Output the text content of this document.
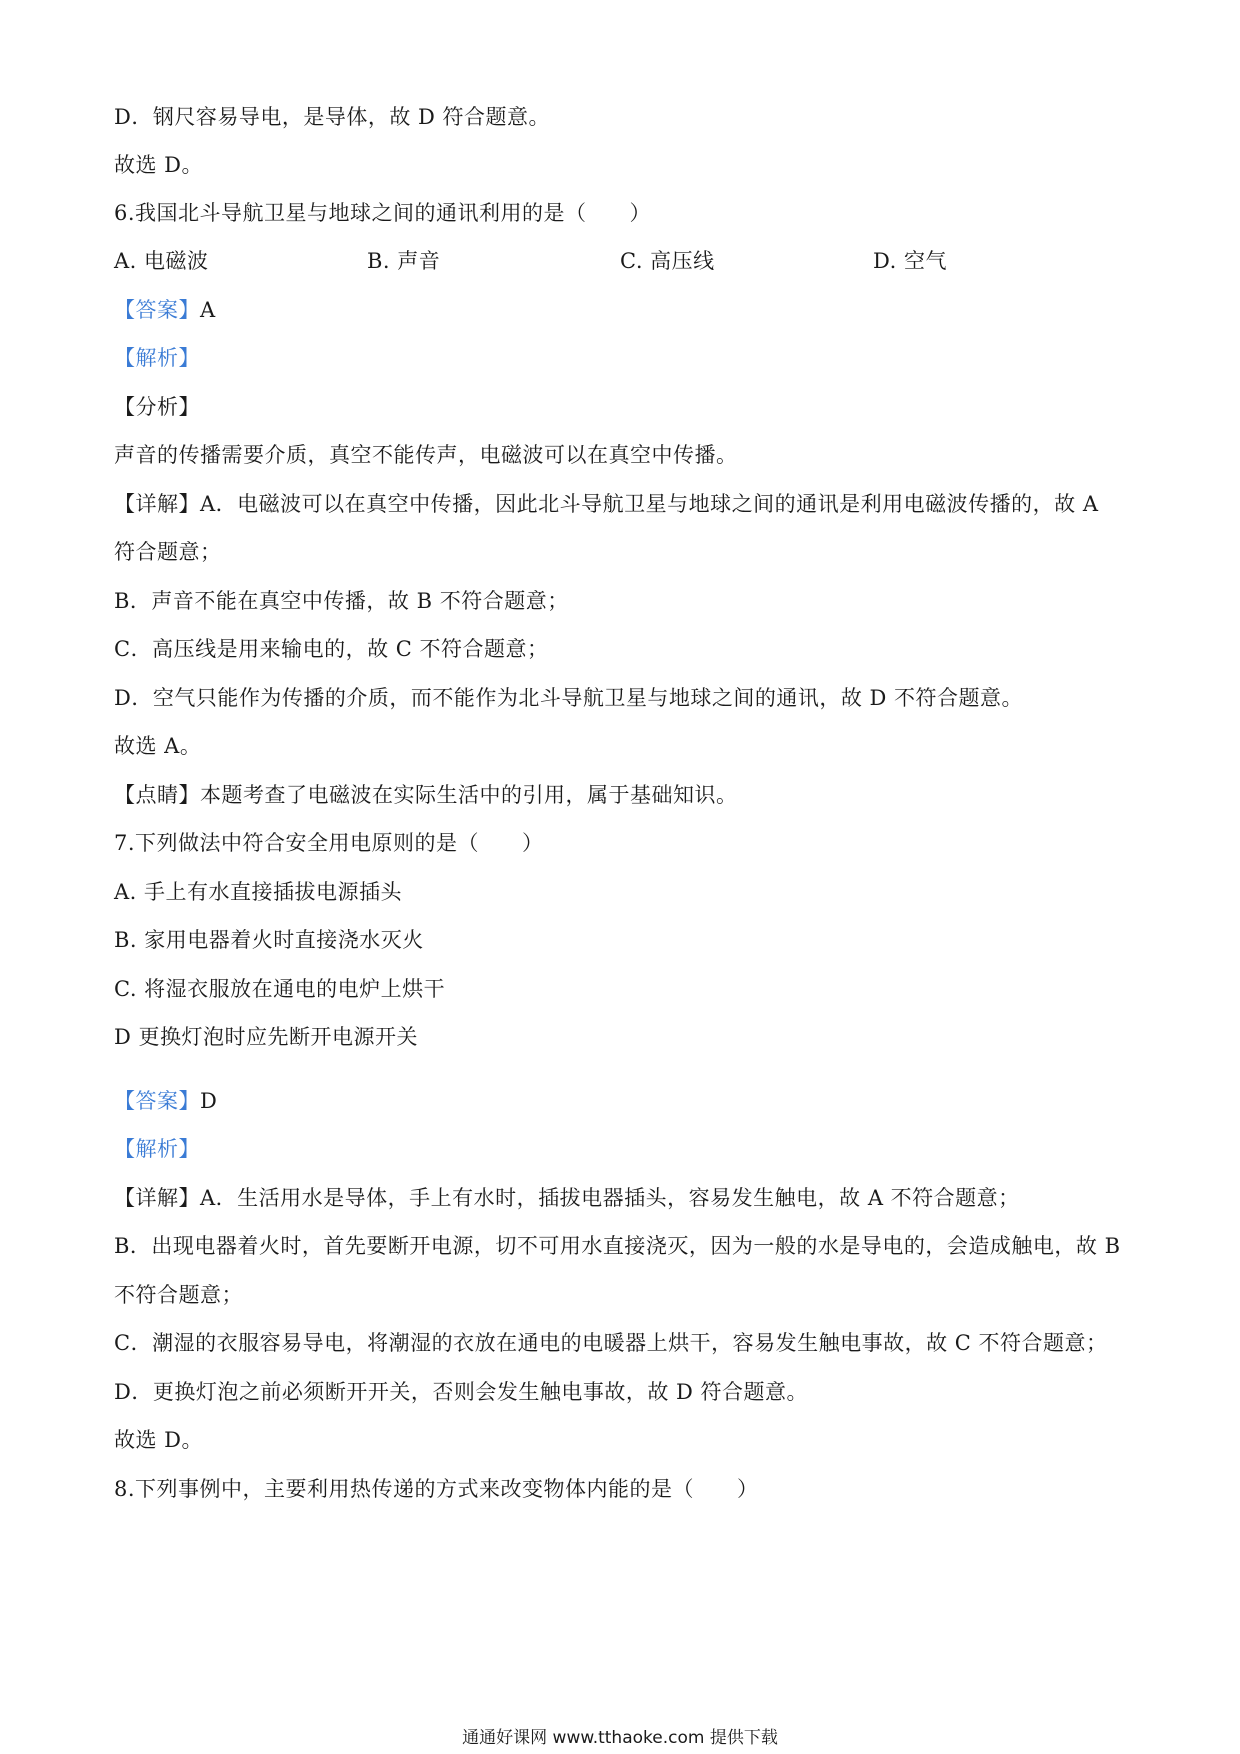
D．钢尺容易导电，是导体，故 D 符合题意。
故选 D。
6.我国北斗导航卫星与地球之间的通讯利用的是（　　）
A. 电磁波	B. 声音	C. 高压线	D. 空气
【答案】A
【解析】
【分析】
声音的传播需要介质，真空不能传声，电磁波可以在真空中传播。
【详解】A．电磁波可以在真空中传播，因此北斗导航卫星与地球之间的通讯是利用电磁波传播的，故 A
符合题意；
B．声音不能在真空中传播，故 B 不符合题意；
C．高压线是用来输电的，故 C 不符合题意；
D．空气只能作为传播的介质，而不能作为北斗导航卫星与地球之间的通讯，故 D 不符合题意。
故选 A。
【点睛】本题考查了电磁波在实际生活中的引用，属于基础知识。
7.下列做法中符合安全用电原则的是（　　）
A. 手上有水直接插拔电源插头
B. 家用电器着火时直接浇水灭火
C. 将湿衣服放在通电的电炉上烘干
D 更换灯泡时应先断开电源开关
【答案】D
【解析】
【详解】A．生活用水是导体，手上有水时，插拔电器插头，容易发生触电，故 A 不符合题意；
B．出现电器着火时，首先要断开电源，切不可用水直接浇灭，因为一般的水是导电的，会造成触电，故 B
不符合题意；
C．潮湿的衣服容易导电，将潮湿的衣放在通电的电暖器上烘干，容易发生触电事故，故 C 不符合题意；
D．更换灯泡之前必须断开开关，否则会发生触电事故，故 D 符合题意。
故选 D。
8.下列事例中，主要利用热传递的方式来改变物体内能的是（　　）
通通好课网 www.tthaoke.com 提供下载
